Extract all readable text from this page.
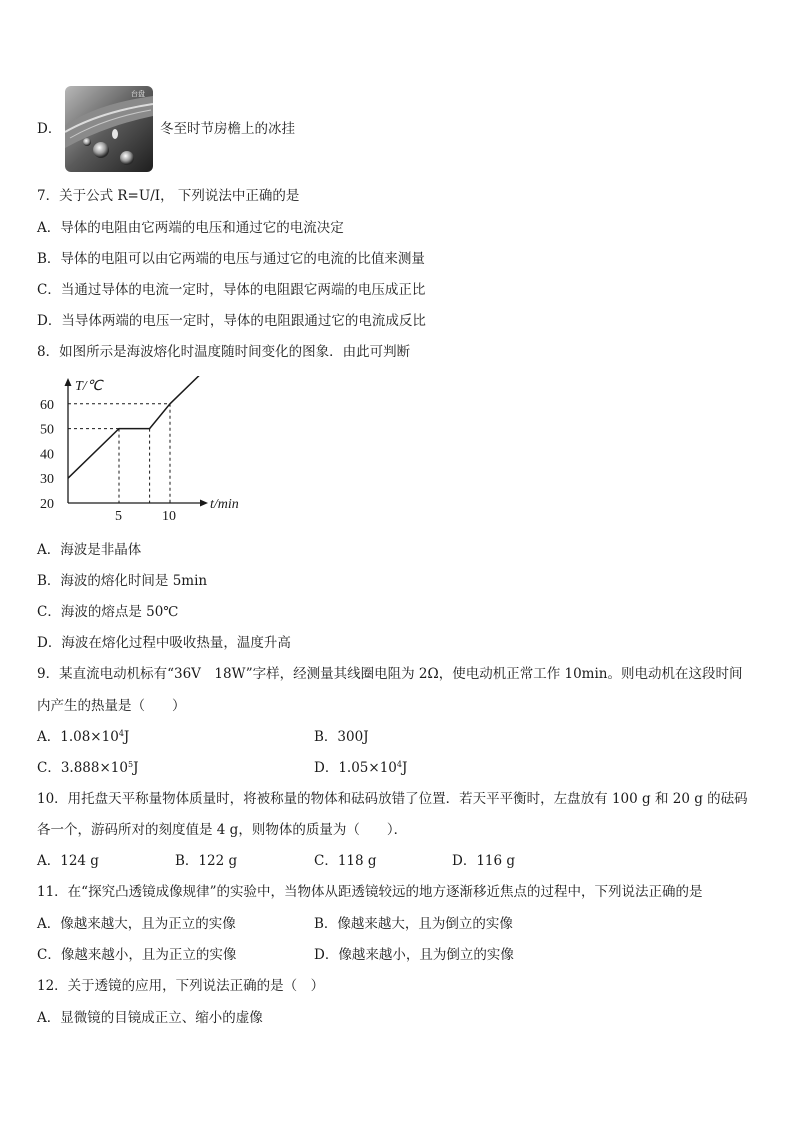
D．
台盘
冬至时节房檐上的冰挂
7．关于公式 R=U/I， 下列说法中正确的是
A．导体的电阻由它两端的电压和通过它的电流决定
B．导体的电阻可以由它两端的电压与通过它的电流的比值来测量
C．当通过导体的电流一定时，导体的电阻跟它两端的电压成正比
D．当导体两端的电压一定时，导体的电阻跟通过它的电流成反比
8．如图所示是海波熔化时温度随时间变化的图象．由此可判断
T/℃
t/min
20
30
40
50
60
5	10
A．海波是非晶体
B．海波的熔化时间是 5min
C．海波的熔点是 50℃
D．海波在熔化过程中吸收热量，温度升高
9．某直流电动机标有“36V　18W”字样，经测量其线圈电阻为 2Ω，使电动机正常工作 10min。则电动机在这段时间
内产生的热量是（　　）
A．$1.08\times 10^4J$	B．300J
C．$3.888\times 10^5J$	D．$1.05\times 10^4J$
10．用托盘天平称量物体质量时，将被称量的物体和砝码放错了位置．若天平平衡时，左盘放有 100 g 和 20 g 的砝码
各一个，游码所对的刻度值是 4 g，则物体的质量为（　　）．
A．124 g	B．122 g	C．118 g	D．116 g
11．在“探究凸透镜成像规律”的实验中，当物体从距透镜较远的地方逐渐移近焦点的过程中，下列说法正确的是
A．像越来越大，且为正立的实像	B．像越来越大，且为倒立的实像
C．像越来越小，且为正立的实像	D．像越来越小，且为倒立的实像
12．关于透镜的应用，下列说法正确的是（　）
A．显微镜的目镜成正立、缩小的虚像
